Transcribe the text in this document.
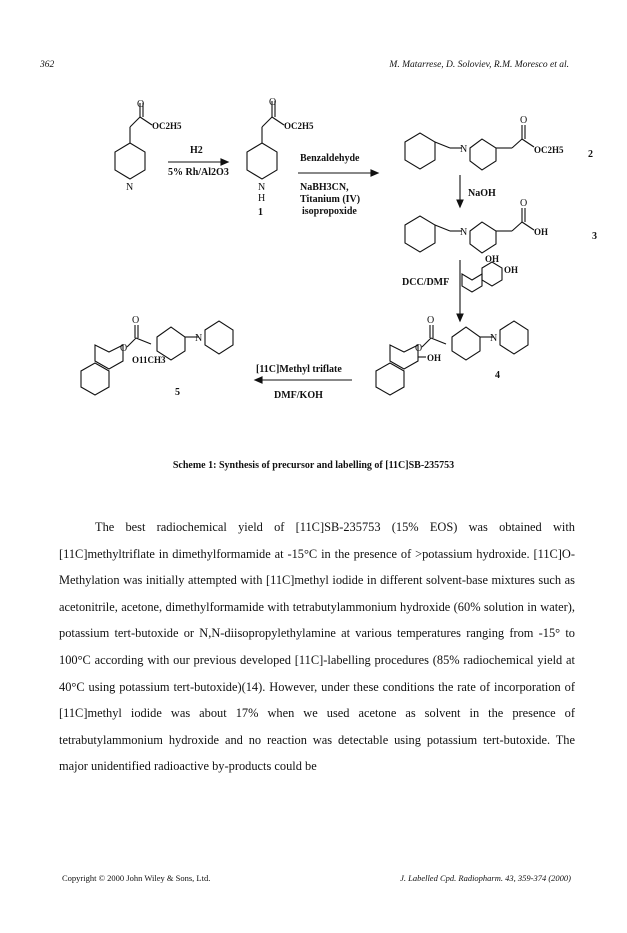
362	M. Matarrese, D. Soloviev, R.M. Moresco et al.
O
OC2H5
N
H2
5% Rh/Al2O3
O
OC2H5
N
H
1
Benzaldehyde
NaBH3CN,
Titanium (IV)
isopropoxide
N
O
OC2H5 2
NaOH
N
O
OH	3
DCC/DMF
OH
OH
O
O
N
OH
4
[11C]Methyl triflate
DMF/KOH
O
O
N
O11CH3
5
Scheme 1: Synthesis of precursor and labelling of [11C]SB-235753

The best radiochemical yield of [11C]SB-235753 (15% EOS) was obtained with [11C]methyltriflate in dimethylformamide at -15°C in the presence of >potassium hydroxide. [11C]O-Methylation was initially attempted with [11C]methyl iodide in different solvent-base mixtures such as acetonitrile, acetone, dimethylformamide with tetrabutylammonium hydroxide (60% solution in water), potassium tert-butoxide or N,N-diisopropylethylamine at various temperatures ranging from -15° to 100°C according with our previous developed [11C]-labelling procedures (85% radiochemical yield at 40°C using potassium tert-butoxide)(14). However, under these conditions the rate of incorporation of [11C]methyl iodide was about 17% when we used acetone as solvent in the presence of tetrabutylammonium hydroxide and no reaction was detectable using potassium tert-butoxide. The major unidentified radioactive by-products could be

Copyright © 2000 John Wiley & Sons, Ltd.	J. Labelled Cpd. Radiopharm. 43, 359-374 (2000)
